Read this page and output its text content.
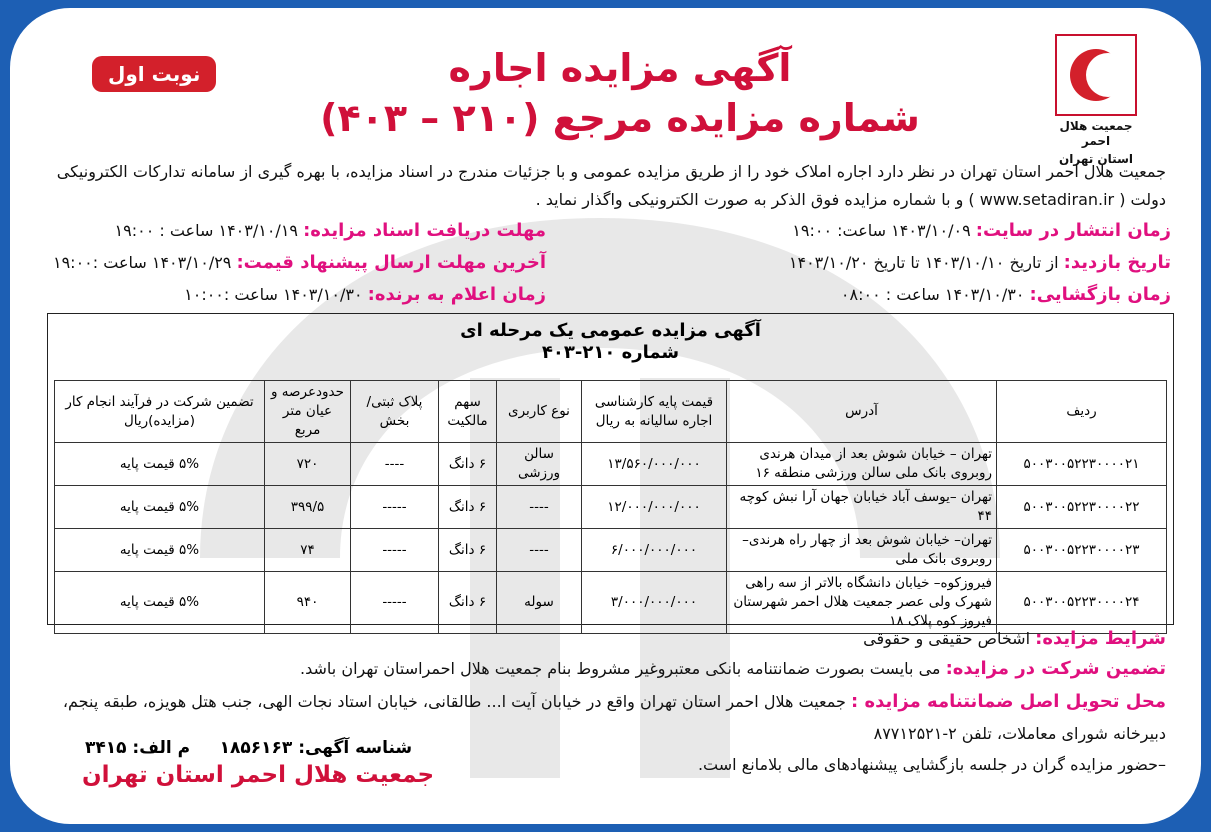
جمعیت هلال احمر
استان تهران
نوبت اول	آگهی مزایده اجاره
شماره مزایده مرجع (۲۱۰ – ۴۰۳)
جمعیت هلال احمر استان تهران در نظر دارد اجاره املاک خود را از طریق مزایده عمومی و با جزئیات مندرج در اسناد مزایده، با بهره گیری از سامانه تدارکات الکترونیکی دولت ( www.setadiran.ir ) و با شماره مزایده فوق الذکر به صورت الکترونیکی واگذار نماید .
زمان انتشار در سایت: ۱۴۰۳/۱۰/۰۹ ساعت: ۱۹:۰۰
تاریخ بازدید: از تاریخ ۱۴۰۳/۱۰/۱۰ تا تاریخ ۱۴۰۳/۱۰/۲۰
زمان بازگشایی: ۱۴۰۳/۱۰/۳۰ ساعت : ۰۸:۰۰
مهلت دریافت اسناد مزایده: ۱۴۰۳/۱۰/۱۹ ساعت : ۱۹:۰۰
آخرین مهلت ارسال پیشنهاد قیمت: ۱۴۰۳/۱۰/۲۹ ساعت :۱۹:۰۰
زمان اعلام به برنده: ۱۴۰۳/۱۰/۳۰ ساعت :۱۰:۰۰
آگهی مزایده عمومی یک مرحله ای
شماره ۲۱۰-۴۰۳
ردیف	آدرس	قیمت پایه کارشناسی اجاره سالیانه به ریال	نوع کاربری	سهم مالکیت	پلاک ثبتی/ بخش	حدودعرصه و عیان متر مربع	تضمین شرکت در فرآیند انجام کار (مزایده)ریال
۵۰۰۳۰۰۵۲۲۳۰۰۰۰۲۱	تهران – خیابان شوش بعد از میدان هرندی روبروی بانک ملی سالن ورزشی منطقه ۱۶	۱۳/۵۶۰/۰۰۰/۰۰۰	سالن ورزشی	۶ دانگ	----	۷۲۰	۵% قیمت پایه
۵۰۰۳۰۰۵۲۲۳۰۰۰۰۲۲	تهران –یوسف آباد خیابان جهان آرا نبش کوچه ۴۴	۱۲/۰۰۰/۰۰۰/۰۰۰	----	۶ دانگ	-----	۳۹۹/۵	۵% قیمت پایه
۵۰۰۳۰۰۵۲۲۳۰۰۰۰۲۳	تهران– خیابان شوش بعد از چهار راه هرندی– روبروی بانک ملی	۶/۰۰۰/۰۰۰/۰۰۰	----	۶ دانگ	-----	۷۴	۵% قیمت پایه
۵۰۰۳۰۰۵۲۲۳۰۰۰۰۲۴	فیروزکوه– خیابان دانشگاه بالاتر از سه راهی شهرک ولی عصر جمعیت هلال احمر شهرستان فیروز کوه پلاک ۱۸	۳/۰۰۰/۰۰۰/۰۰۰	سوله	۶ دانگ	-----	۹۴۰	۵% قیمت پایه
شرایط مزایده: اشخاص حقیقی و حقوقی
تضمین شرکت در مزایده: می بایست بصورت ضمانتنامه بانکی معتبروغیر مشروط بنام جمعیت هلال احمراستان تهران باشد.
محل تحویل اصل ضمانتنامه مزایده : جمعیت هلال احمر استان تهران واقع در خیابان آیت ا... طالقانی، خیابان استاد نجات الهی، جنب هتل هویزه، طبقه پنجم، دبیرخانه شورای معاملات، تلفن ۲-۸۷۷۱۲۵۲۱
–حضور مزایده گران در جلسه بازگشایی پیشنهادهای مالی بلامانع است.
شناسه آگهی: ۱۸۵۶۱۶۳     م الف: ۳۴۱۵
جمعیت هلال احمر استان تهران
